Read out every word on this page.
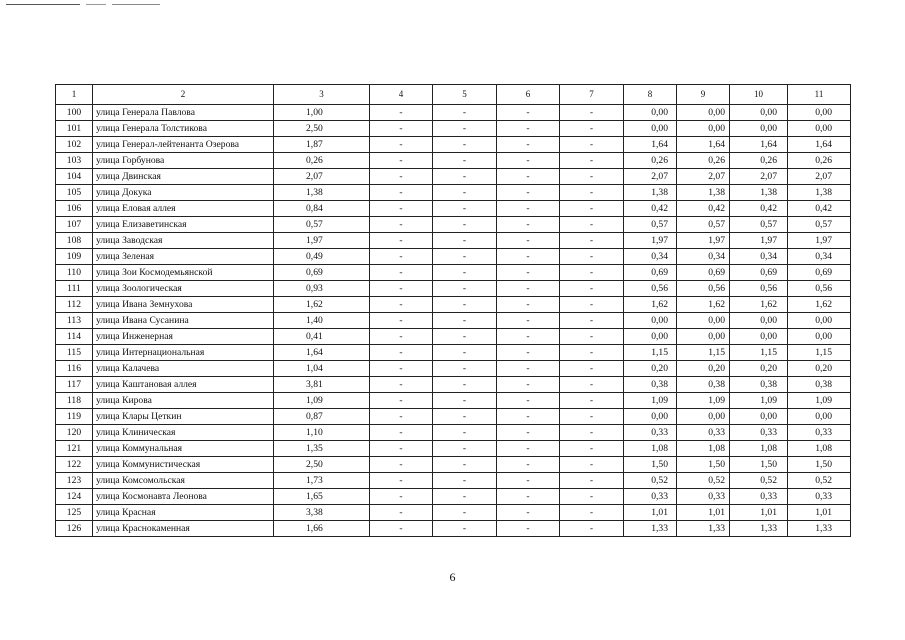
1	2	3	4	5	6	7	8	9	10	11
100	улица Генерала Павлова	1,00	-	-	-	-	0,00	0,00	0,00	0,00
101	улица Генерала Толстикова	2,50	-	-	-	-	0,00	0,00	0,00	0,00
102	улица Генерал-лейтенанта Озерова	1,87	-	-	-	-	1,64	1,64	1,64	1,64
103	улица Горбунова	0,26	-	-	-	-	0,26	0,26	0,26	0,26
104	улица Двинская	2,07	-	-	-	-	2,07	2,07	2,07	2,07
105	улица Докука	1,38	-	-	-	-	1,38	1,38	1,38	1,38
106	улица Еловая аллея	0,84	-	-	-	-	0,42	0,42	0,42	0,42
107	улица Елизаветинская	0,57	-	-	-	-	0,57	0,57	0,57	0,57
108	улица Заводская	1,97	-	-	-	-	1,97	1,97	1,97	1,97
109	улица Зеленая	0,49	-	-	-	-	0,34	0,34	0,34	0,34
110	улица Зои Космодемьянской	0,69	-	-	-	-	0,69	0,69	0,69	0,69
111	улица Зоологическая	0,93	-	-	-	-	0,56	0,56	0,56	0,56
112	улица Ивана Земнухова	1,62	-	-	-	-	1,62	1,62	1,62	1,62
113	улица Ивана Сусанина	1,40	-	-	-	-	0,00	0,00	0,00	0,00
114	улица Инженерная	0,41	-	-	-	-	0,00	0,00	0,00	0,00
115	улица Интернациональная	1,64	-	-	-	-	1,15	1,15	1,15	1,15
116	улица Калачева	1,04	-	-	-	-	0,20	0,20	0,20	0,20
117	улица Каштановая аллея	3,81	-	-	-	-	0,38	0,38	0,38	0,38
118	улица Кирова	1,09	-	-	-	-	1,09	1,09	1,09	1,09
119	улица Клары Цеткин	0,87	-	-	-	-	0,00	0,00	0,00	0,00
120	улица Клиническая	1,10	-	-	-	-	0,33	0,33	0,33	0,33
121	улица Коммунальная	1,35	-	-	-	-	1,08	1,08	1,08	1,08
122	улица Коммунистическая	2,50	-	-	-	-	1,50	1,50	1,50	1,50
123	улица Комсомольская	1,73	-	-	-	-	0,52	0,52	0,52	0,52
124	улица Космонавта Леонова	1,65	-	-	-	-	0,33	0,33	0,33	0,33
125	улица Красная	3,38	-	-	-	-	1,01	1,01	1,01	1,01
126	улица Краснокаменная	1,66	-	-	-	-	1,33	1,33	1,33	1,33
6
